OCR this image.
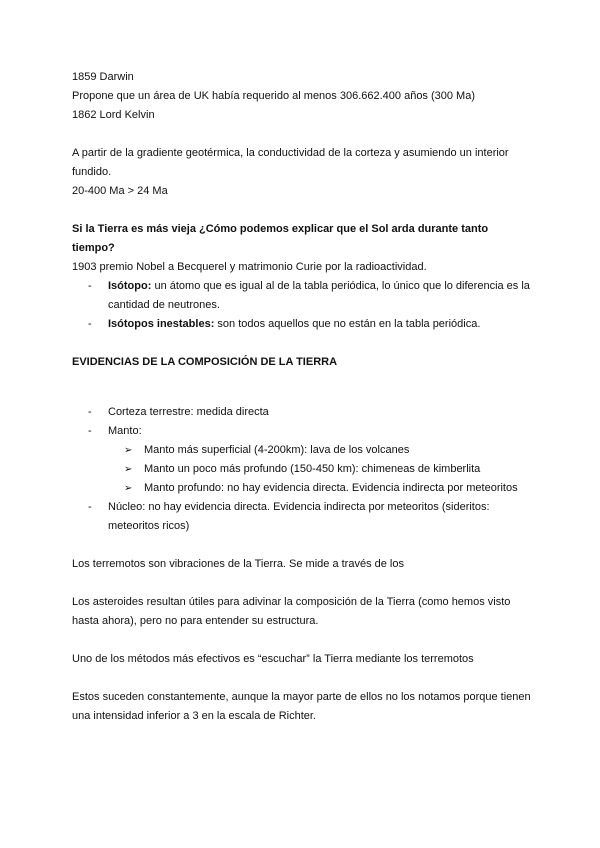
1859 Darwin

Propone que un área de UK había requerido al menos 306.662.400 años (300 Ma)

1862 Lord Kelvin

A partir de la gradiente geotérmica, la conductividad de la corteza y asumiendo un interior fundido.

20-400 Ma > 24 Ma

Si la Tierra es más vieja ¿Cómo podemos explicar que el Sol arda durante tanto tiempo?

1903 premio Nobel a Becquerel y matrimonio Curie por la radioactividad.

- Isótopo: un átomo que es igual al de la tabla periódica, lo único que lo diferencia es la cantidad de neutrones.
- Isótopos inestables: son todos aquellos que no están en la tabla periódica.

EVIDENCIAS DE LA COMPOSICIÓN DE LA TIERRA

- Corteza terrestre: medida directa
- Manto:
➢ Manto más superficial (4-200km): lava de los volcanes
➢ Manto un poco más profundo (150-450 km): chimeneas de kimberlita
➢ Manto profundo: no hay evidencia directa. Evidencia indirecta por meteoritos
- Núcleo: no hay evidencia directa. Evidencia indirecta por meteoritos (sideritos: meteoritos ricos)

Los terremotos son vibraciones de la Tierra. Se mide a través de los

Los asteroides resultan útiles para adivinar la composición de la Tierra (como hemos visto hasta ahora), pero no para entender su estructura.

Uno de los métodos más efectivos es “escuchar” la Tierra mediante los terremotos

Estos suceden constantemente, aunque la mayor parte de ellos no los notamos porque tienen una intensidad inferior a 3 en la escala de Richter.
